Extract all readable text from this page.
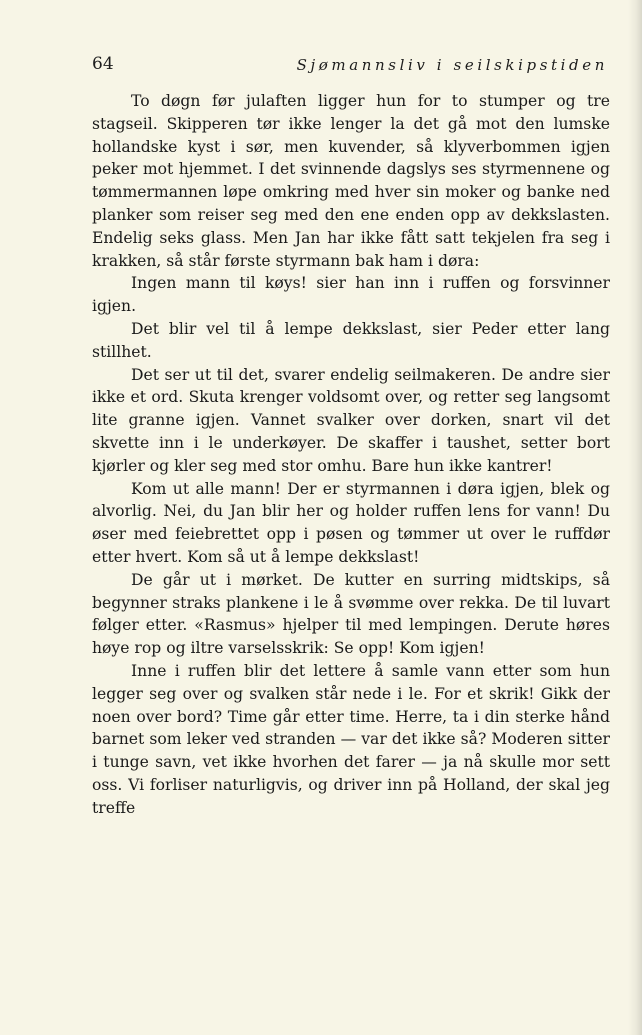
64	Sjømannsliv i seilskipstiden

To døgn før julaften ligger hun for to stumper og tre stagseil. Skipperen tør ikke lenger la det gå mot den lumske hollandske kyst i sør, men kuvender, så klyverbommen igjen peker mot hjemmet. I det svinnende dagslys ses styrmennene og tømmermannen løpe omkring med hver sin moker og banke ned planker som reiser seg med den ene enden opp av dekkslasten. Endelig seks glass. Men Jan har ikke fått satt tekjelen fra seg i krakken, så står første styrmann bak ham i døra:

Ingen mann til køys! sier han inn i ruffen og forsvinner igjen.

Det blir vel til å lempe dekkslast, sier Peder etter lang stillhet.

Det ser ut til det, svarer endelig seilmakeren. De andre sier ikke et ord. Skuta krenger voldsomt over, og retter seg langsomt lite granne igjen. Vannet svalker over dorken, snart vil det skvette inn i le underkøyer. De skaffer i taushet, setter bort kjørler og kler seg med stor omhu. Bare hun ikke kantrer!

Kom ut alle mann! Der er styrmannen i døra igjen, blek og alvorlig. Nei, du Jan blir her og holder ruffen lens for vann! Du øser med feiebrettet opp i pøsen og tømmer ut over le ruffdør etter hvert. Kom så ut å lempe dekkslast!

De går ut i mørket. De kutter en surring midtskips, så begynner straks plankene i le å svømme over rekka. De til luvart følger etter. «Rasmus» hjelper til med lempingen. Derute høres høye rop og iltre varselsskrik: Se opp! Kom igjen!

Inne i ruffen blir det lettere å samle vann etter som hun legger seg over og svalken står nede i le. For et skrik! Gikk der noen over bord? Time går etter time. Herre, ta i din sterke hånd barnet som leker ved stranden — var det ikke så? Moderen sitter i tunge savn, vet ikke hvorhen det farer — ja nå skulle mor sett oss. Vi forliser naturligvis, og driver inn på Holland, der skal jeg treffe
